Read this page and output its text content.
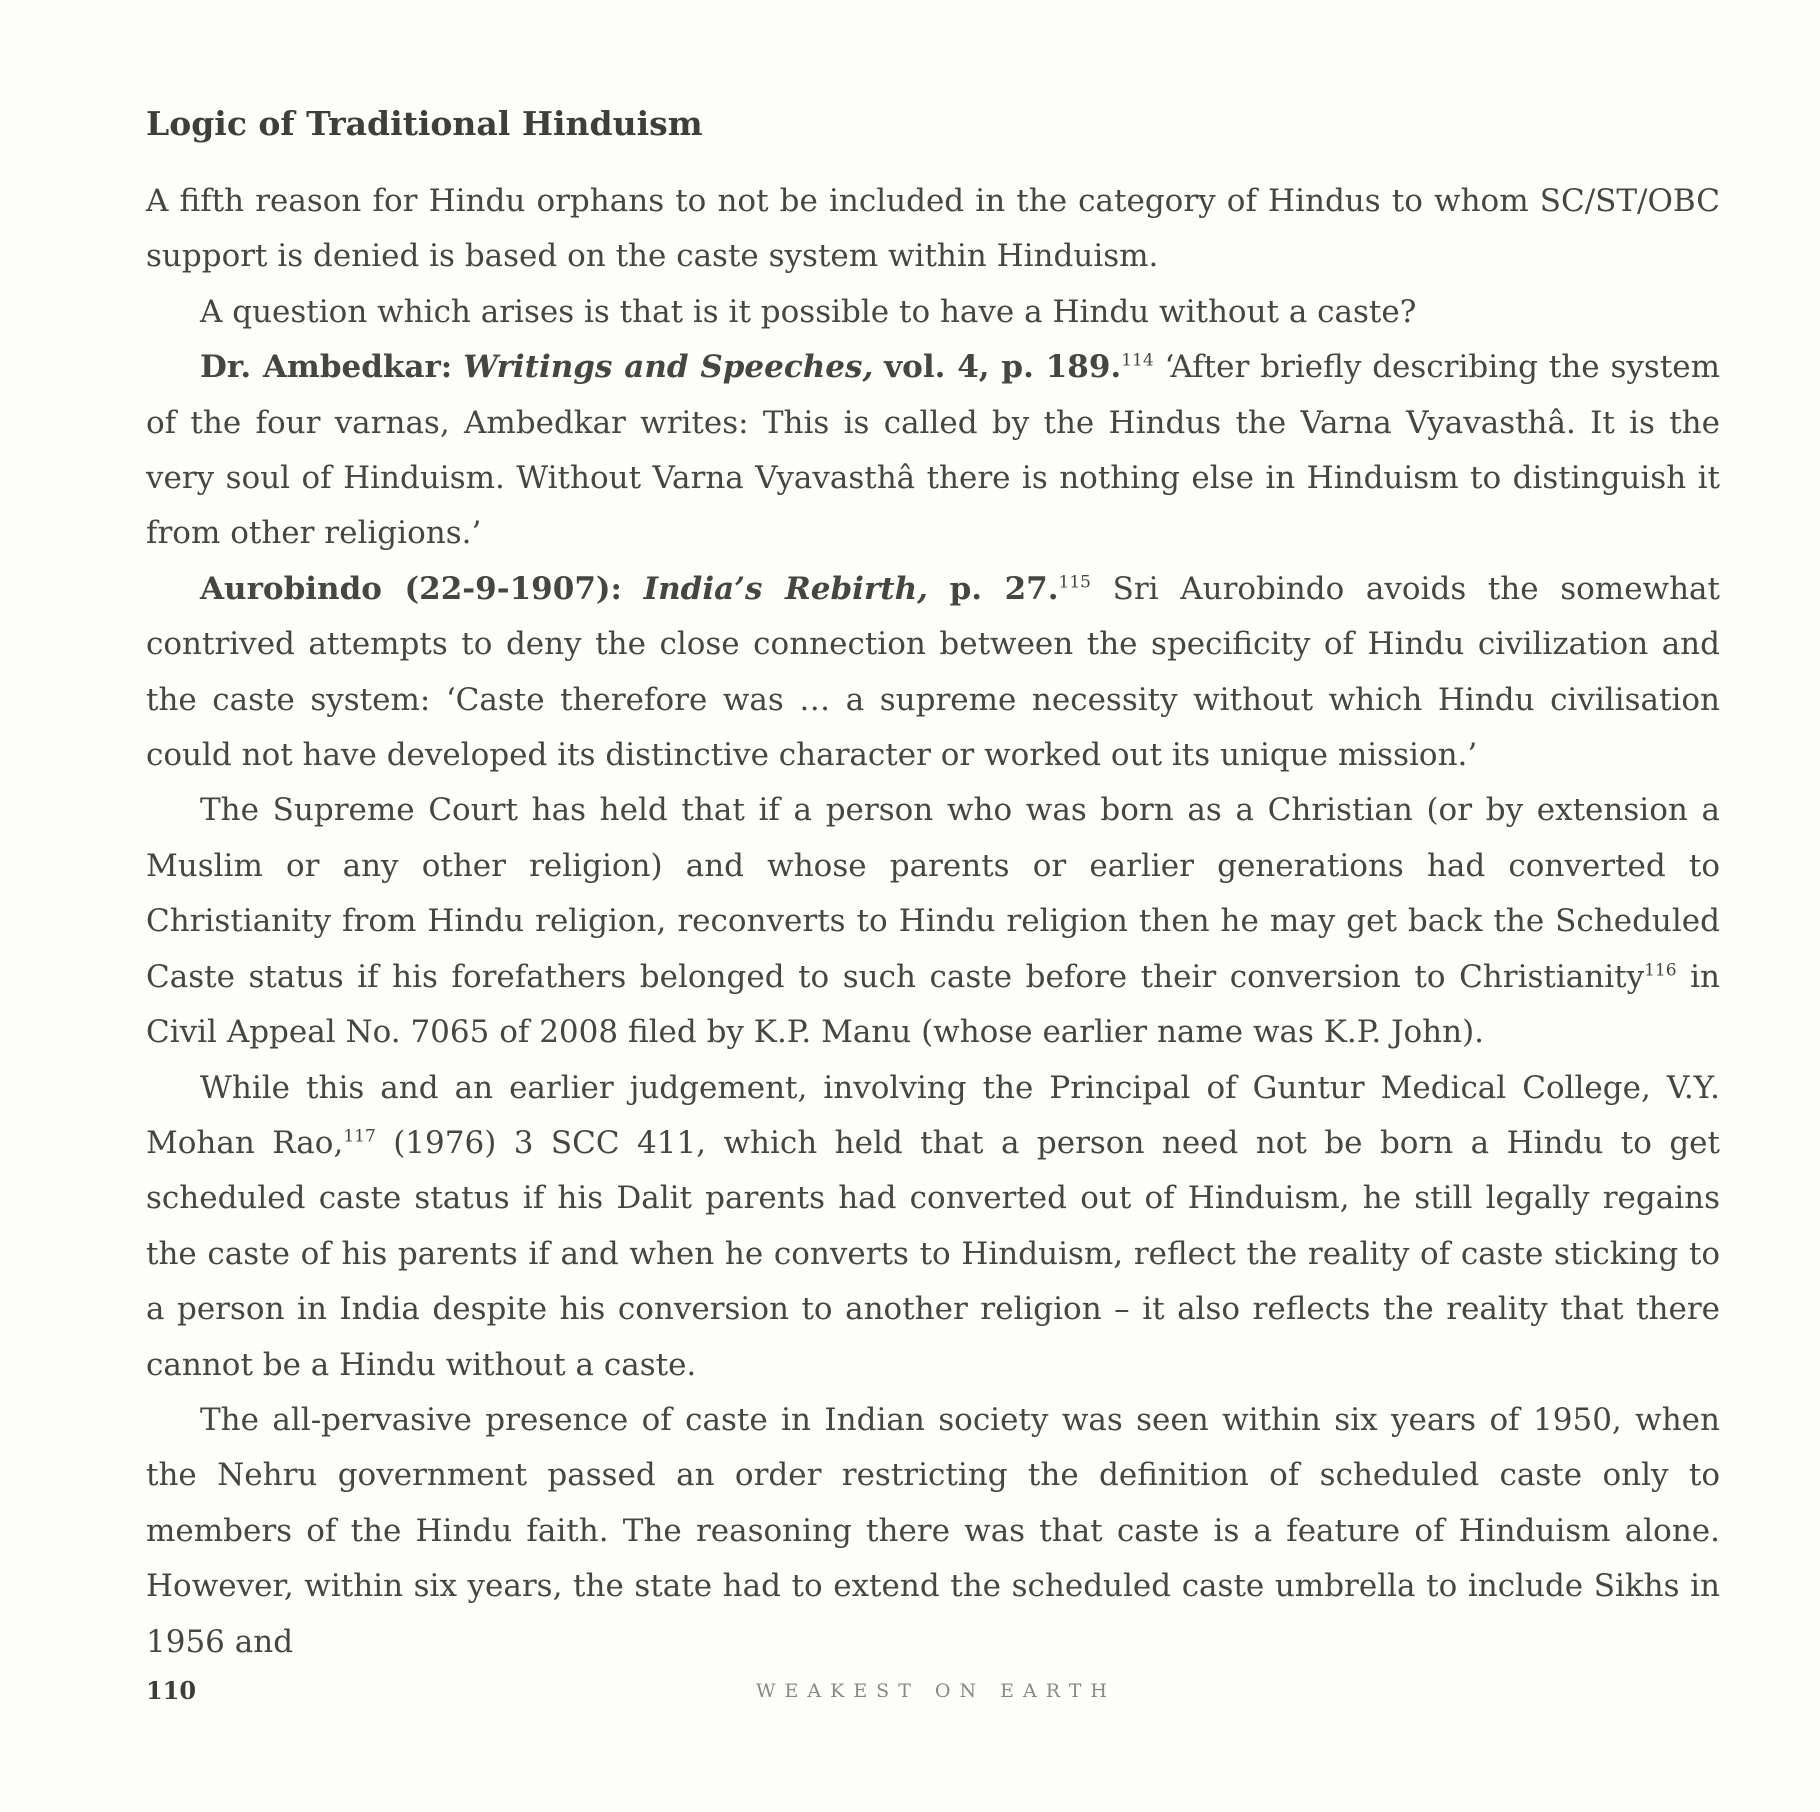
Logic of Traditional Hinduism

A fifth reason for Hindu orphans to not be included in the category of Hindus to whom SC/ST/OBC support is denied is based on the caste system within Hinduism.

A question which arises is that is it possible to have a Hindu without a caste?

Dr. Ambedkar: Writings and Speeches, vol. 4, p. 189.$^{114}$ ‘After briefly describing the system of the four varnas, Ambedkar writes: This is called by the Hindus the Varna Vyavasthâ. It is the very soul of Hinduism. Without Varna Vyavasthâ there is nothing else in Hinduism to distinguish it from other religions.’

Aurobindo (22-9-1907): India’s Rebirth, p. 27.$^{115}$ Sri Aurobindo avoids the somewhat contrived attempts to deny the close connection between the specificity of Hindu civilization and the caste system: ‘Caste therefore was … a supreme necessity without which Hindu civilisation could not have developed its distinctive character or worked out its unique mission.’

The Supreme Court has held that if a person who was born as a Christian (or by extension a Muslim or any other religion) and whose parents or earlier generations had converted to Christianity from Hindu religion, reconverts to Hindu religion then he may get back the Scheduled Caste status if his forefathers belonged to such caste before their conversion to Christianity$^{116}$ in Civil Appeal No. 7065 of 2008 filed by K.P. Manu (whose earlier name was K.P. John).

While this and an earlier judgement, involving the Principal of Guntur Medical College, V.Y. Mohan Rao,$^{117}$ (1976) 3 SCC 411, which held that a person need not be born a Hindu to get scheduled caste status if his Dalit parents had converted out of Hinduism, he still legally regains the caste of his parents if and when he converts to Hinduism, reflect the reality of caste sticking to a person in India despite his conversion to another religion – it also reflects the reality that there cannot be a Hindu without a caste.

The all-pervasive presence of caste in Indian society was seen within six years of 1950, when the Nehru government passed an order restricting the definition of scheduled caste only to members of the Hindu faith. The reasoning there was that caste is a feature of Hinduism alone. However, within six years, the state had to extend the scheduled caste umbrella to include Sikhs in 1956 and

110	WEAKEST ON EARTH
